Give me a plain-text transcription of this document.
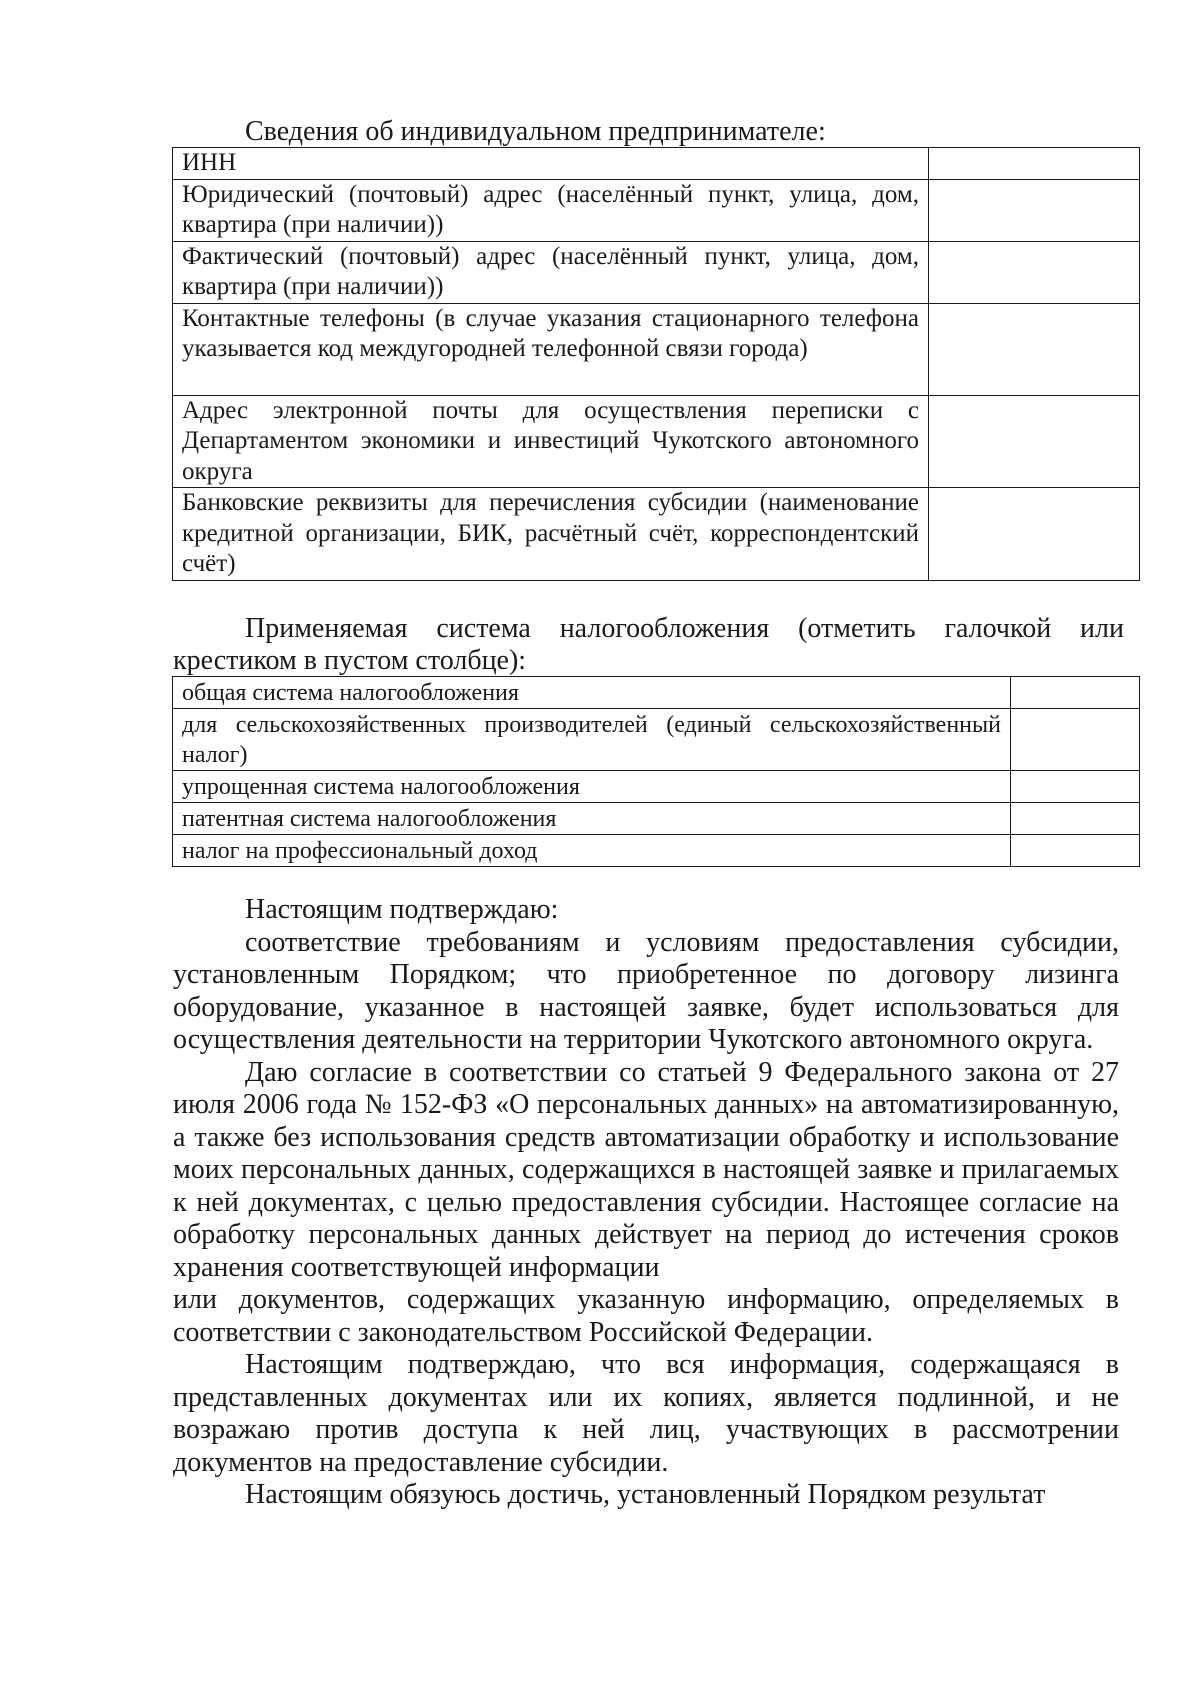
Сведения об индивидуальном предпринимателе:

ИНН	
Юридический (почтовый) адрес (населённый пункт, улица, дом, квартира (при наличии))	
Фактический (почтовый) адрес (населённый пункт, улица, дом, квартира (при наличии))	
Контактные телефоны (в случае указания стационарного телефона указывается код междугородней телефонной связи города)	
Адрес электронной почты для осуществления переписки с Департаментом экономики и инвестиций Чукотского автономного округа	
Банковские реквизиты для перечисления субсидии (наименование кредитной организации, БИК, расчётный счёт, корреспондентский счёт)	

Применяемая система налогообложения (отметить галочкой или крестиком в пустом столбце):

общая система налогообложения	
для сельскохозяйственных производителей (единый сельскохозяйственный налог)	
упрощенная система налогообложения	
патентная система налогообложения	
налог на профессиональный доход	

Настоящим подтверждаю:

соответствие требованиям и условиям предоставления субсидии, установленным Порядком; что приобретенное по договору лизинга оборудование, указанное в настоящей заявке, будет использоваться для осуществления деятельности на территории Чукотского автономного округа.

Даю согласие в соответствии со статьей 9 Федерального закона от 27 июля 2006 года № 152-ФЗ «О персональных данных» на автоматизированную, а также без использования средств автоматизации обработку и использование моих персональных данных, содержащихся в настоящей заявке и прилагаемых к ней документах, с целью предоставления субсидии. Настоящее согласие на обработку персональных данных действует на период до истечения сроков хранения соответствующей информации

или документов, содержащих указанную информацию, определяемых в соответствии с законодательством Российской Федерации.

Настоящим подтверждаю, что вся информация, содержащаяся в представленных документах или их копиях, является подлинной, и не возражаю против доступа к ней лиц, участвующих в рассмотрении документов на предоставление субсидии.

Настоящим обязуюсь достичь, установленный Порядком результат
